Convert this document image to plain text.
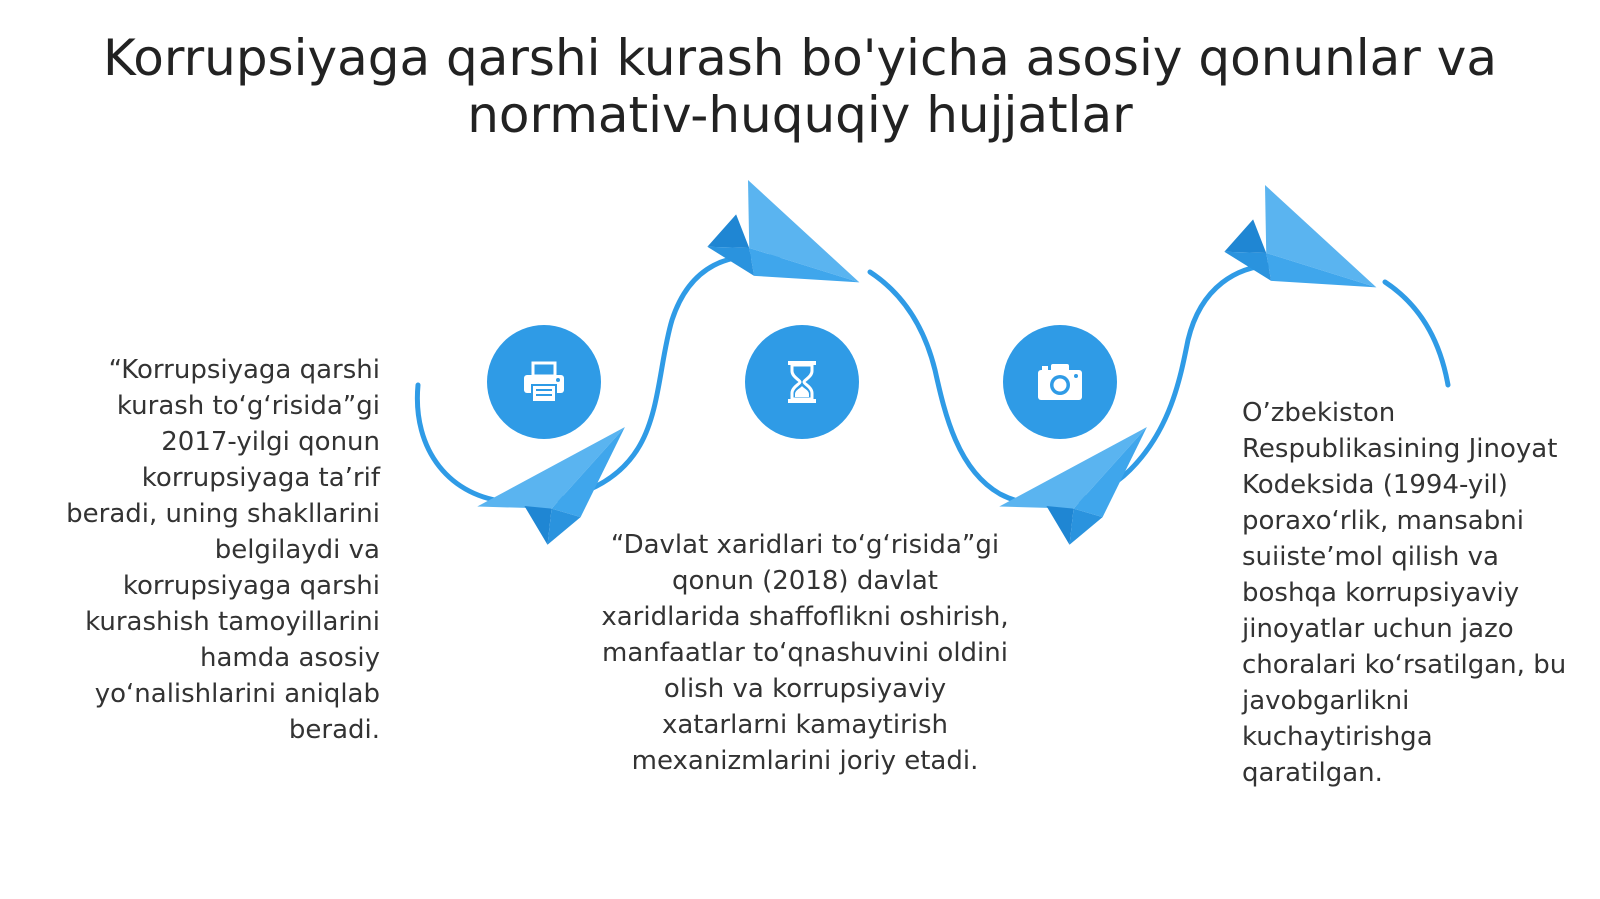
Korrupsiyaga qarshi kurash bo'yicha asosiy qonunlar va normativ-huquqiy hujjatlar

“Korrupsiyaga qarshi kurash to‘g‘risida”gi 2017-yilgi qonun korrupsiyaga ta’rif beradi, uning shakllarini belgilaydi va korrupsiyaga qarshi kurashish tamoyillarini hamda asosiy yo‘nalishlarini aniqlab beradi.

“Davlat xaridlari to‘g‘risida”gi qonun (2018) davlat xaridlarida shaffoflikni oshirish, manfaatlar to‘qnashuvini oldini olish va korrupsiyaviy xatarlarni kamaytirish mexanizmlarini joriy etadi.

O’zbekiston Respublikasining Jinoyat Kodeksida (1994-yil) poraxo‘rlik, mansabni suiiste’mol qilish va boshqa korrupsiyaviy jinoyatlar uchun jazo choralari ko‘rsatilgan, bu javobgarlikni kuchaytirishga qaratilgan.
